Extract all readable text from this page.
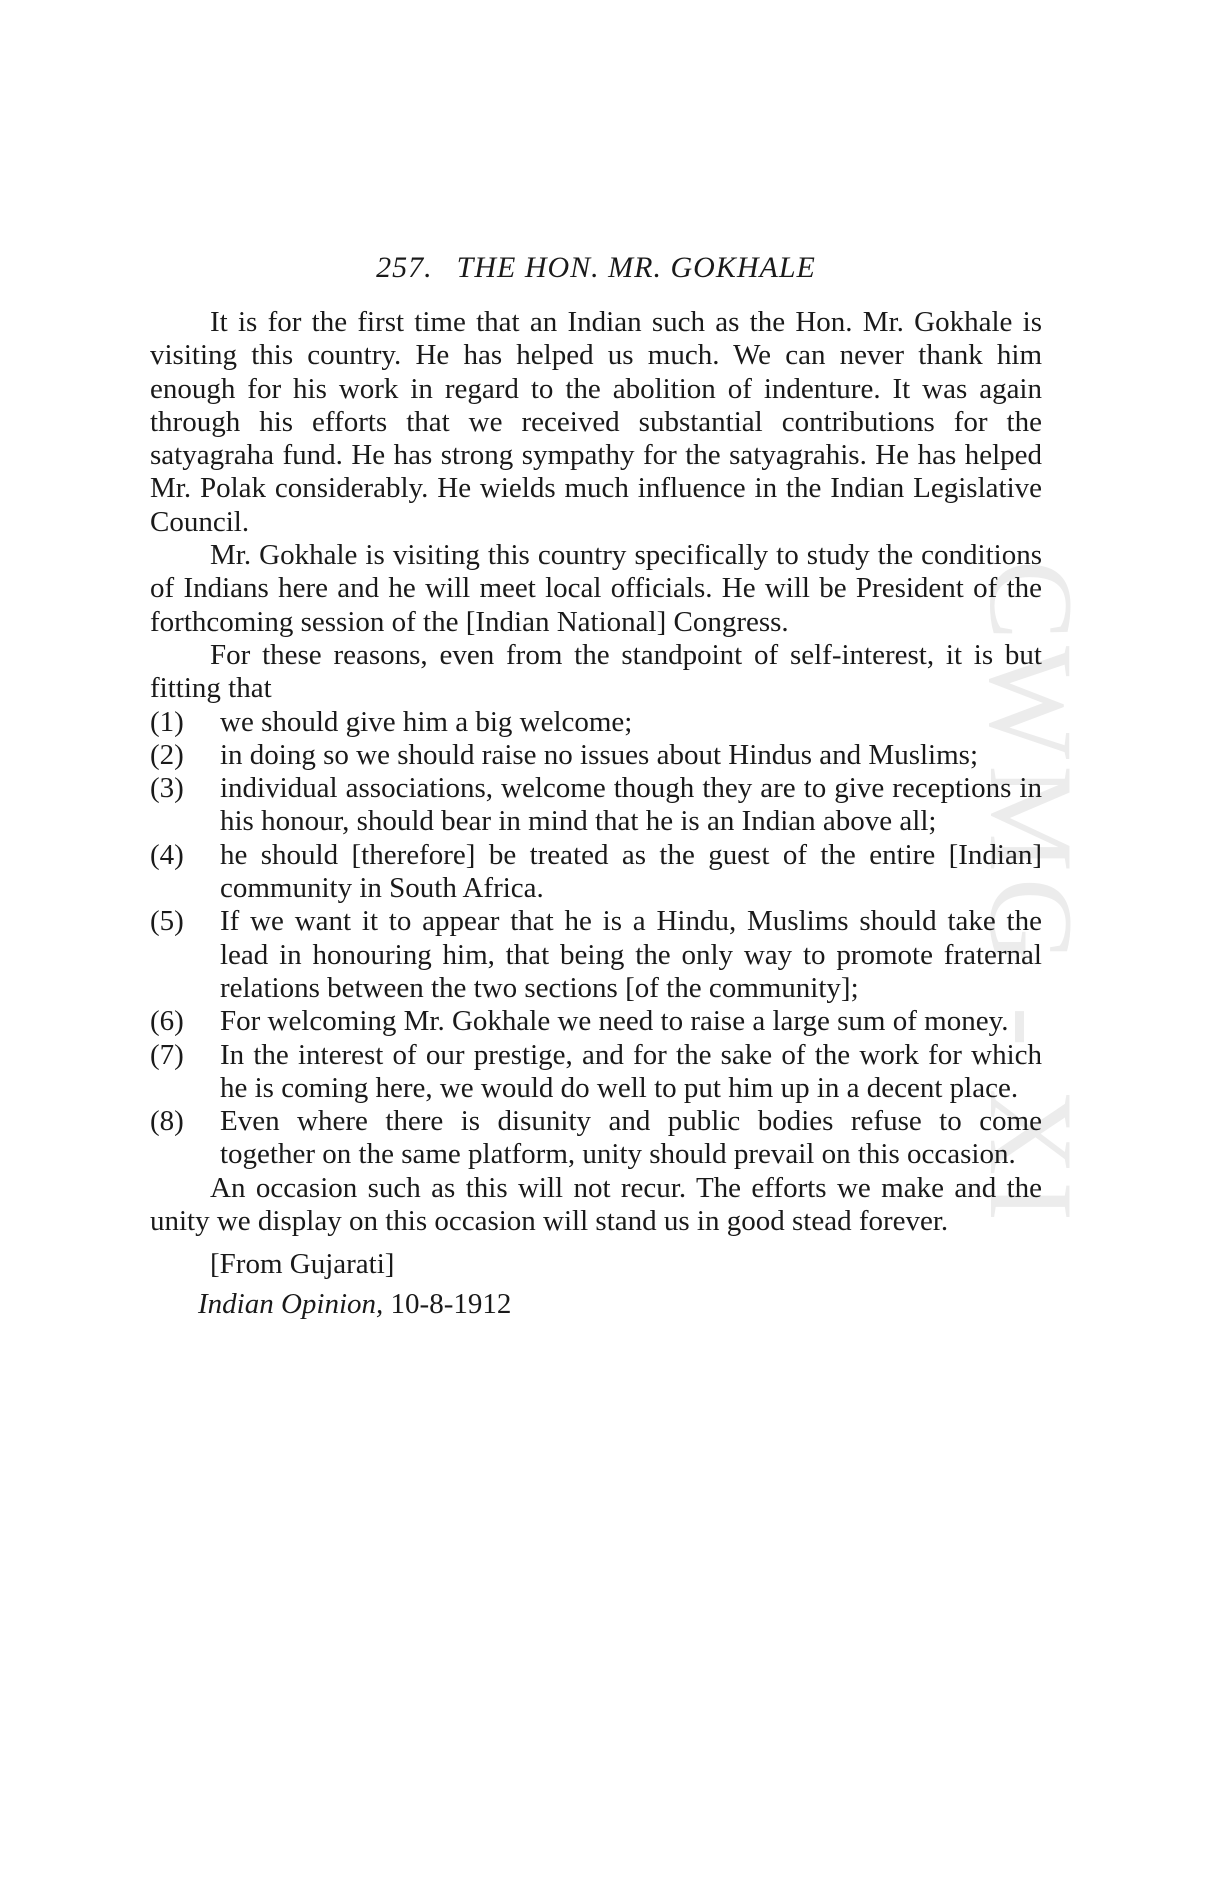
CWMG - XI
257. THE HON. MR. GOKHALE

It is for the first time that an Indian such as the Hon. Mr. Gokhale is visiting this country. He has helped us much. We can never thank him enough for his work in regard to the abolition of indenture. It was again through his efforts that we received substantial contributions for the satyagraha fund. He has strong sympathy for the satyagrahis. He has helped Mr. Polak considerably. He wields much influence in the Indian Legislative Council.

Mr. Gokhale is visiting this country specifically to study the conditions of Indians here and he will meet local officials. He will be President of the forthcoming session of the [Indian National] Congress.

For these reasons, even from the standpoint of self-interest, it is but fitting that

(1)	we should give him a big welcome;
(2)	in doing so we should raise no issues about Hindus and Muslims;
(3)	individual associations, welcome though they are to give receptions in his honour, should bear in mind that he is an Indian above all;
(4)	he should [therefore] be treated as the guest of the entire [Indian] community in South Africa.
(5)	If we want it to appear that he is a Hindu, Muslims should take the lead in honouring him, that being the only way to promote fraternal relations between the two sections [of the community];
(6)	For welcoming Mr. Gokhale we need to raise a large sum of money.
(7)	In the interest of our prestige, and for the sake of the work for which he is coming here, we would do well to put him up in a decent place.
(8)	Even where there is disunity and public bodies refuse to come together on the same platform, unity should prevail on this occasion.

An occasion such as this will not recur. The efforts we make and the unity we display on this occasion will stand us in good stead forever.

[From Gujarati]
Indian Opinion, 10-8-1912
